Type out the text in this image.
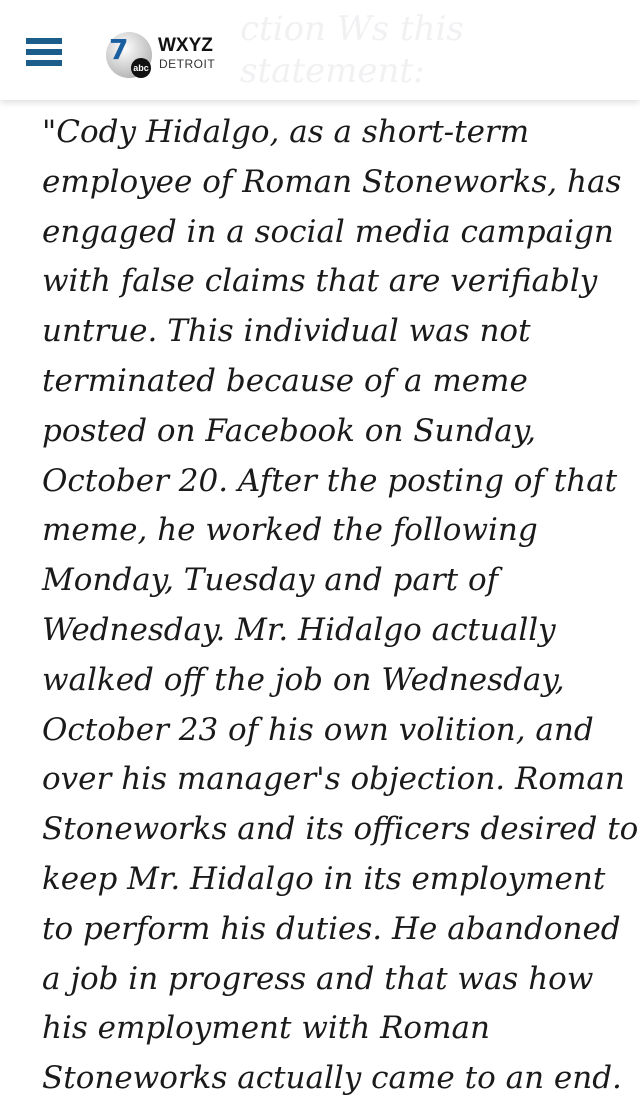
ction Ws this statement:
7
abc
WXYZ
DETROIT
"Cody Hidalgo, as a short-term
employee of Roman Stoneworks, has
engaged in a social media campaign
with false claims that are verifiably
untrue. This individual was not
terminated because of a meme
posted on Facebook on Sunday,
October 20. After the posting of that
meme, he worked the following
Monday, Tuesday and part of
Wednesday. Mr. Hidalgo actually
walked off the job on Wednesday,
October 23 of his own volition, and
over his manager's objection. Roman
Stoneworks and its officers desired to
keep Mr. Hidalgo in its employment
to perform his duties. He abandoned
a job in progress and that was how
his employment with Roman
Stoneworks actually came to an end.
